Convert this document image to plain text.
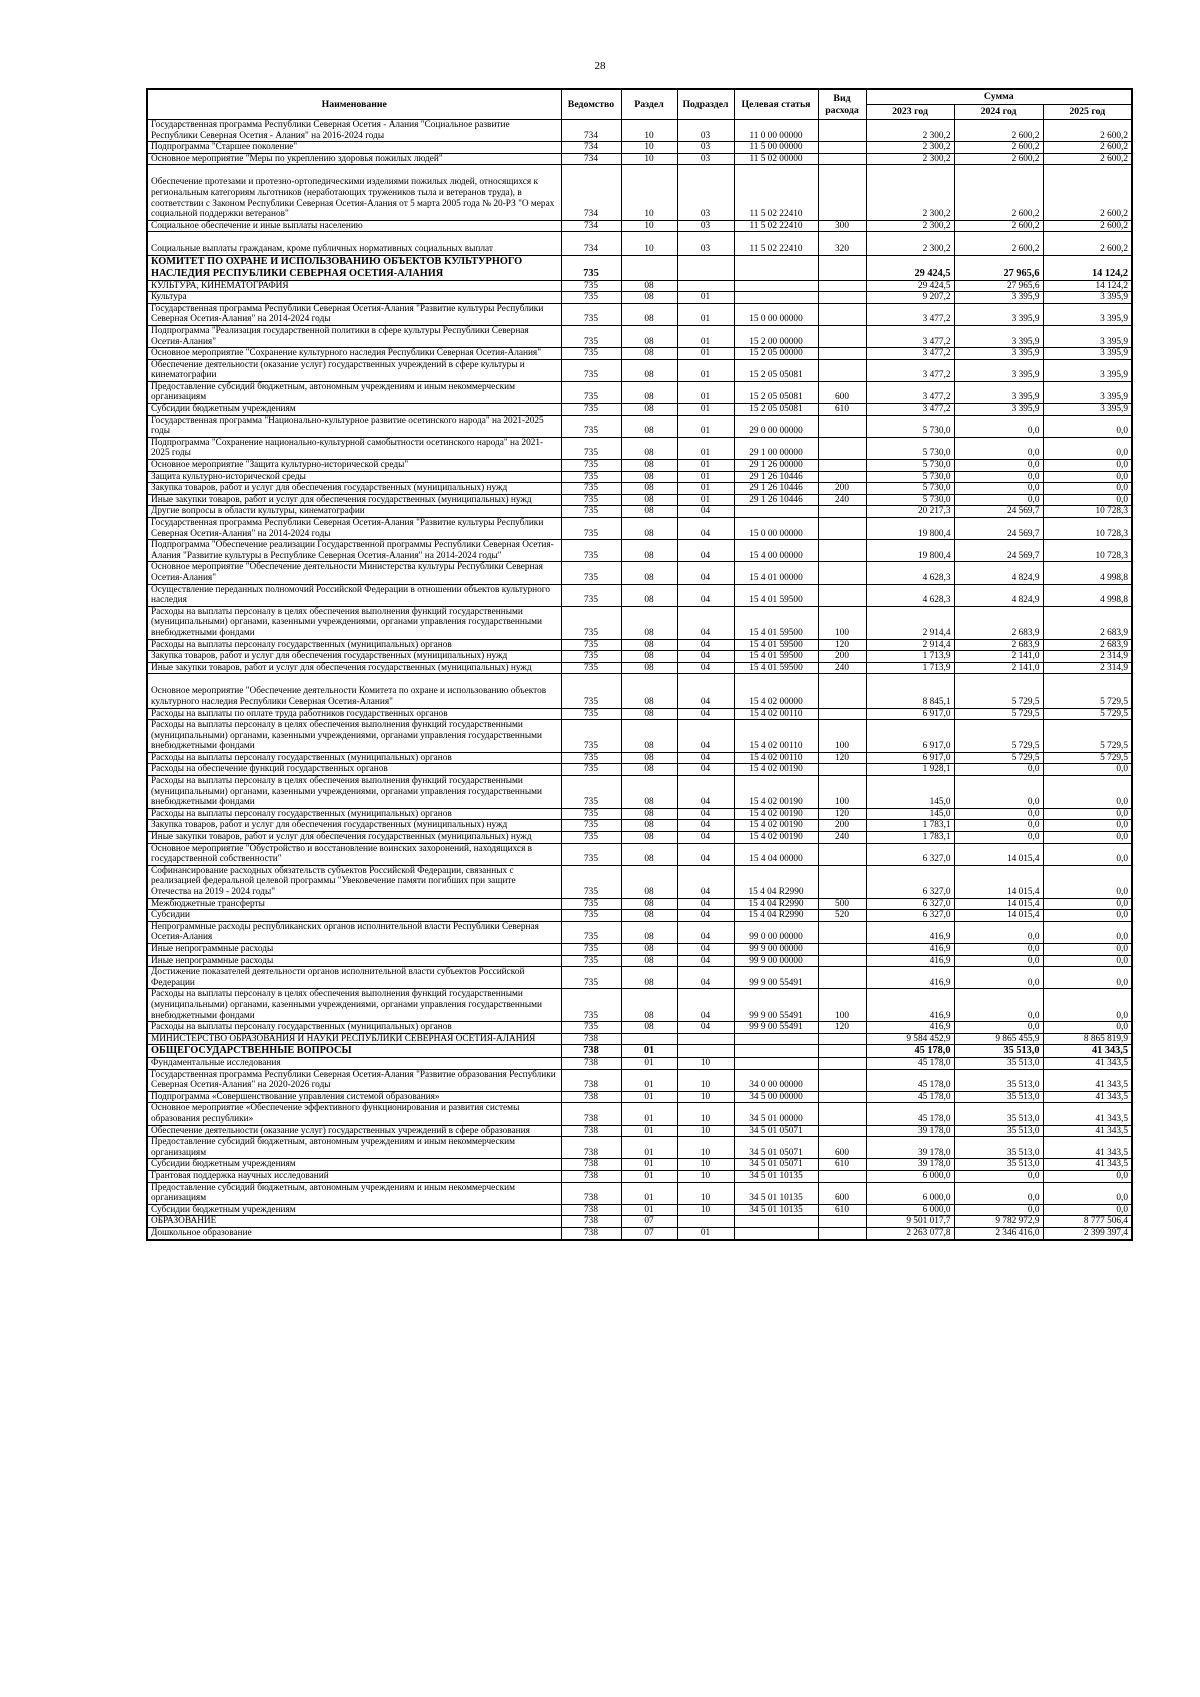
28
Наименование	Ведомство	Раздел	Подраздел	Целевая статья	Вид расхода	Сумма		
						2023 год	2024 год	2025 год
Государственная программа Республики Северная Осетия - Алания "Социальное развитие Республики Северная Осетия - Алания" на 2016-2024 годы	734	10	03	11 0 00 00000		2 300,2	2 600,2	2 600,2
Подпрограмма "Старшее поколение"	734	10	03	11 5 00 00000		2 300,2	2 600,2	2 600,2
Основное мероприятие "Меры по укреплению здоровья пожилых людей"	734	10	03	11 5 02 00000		2 300,2	2 600,2	2 600,2
Обеспечение протезами и протезно-ортопедическими изделиями пожилых людей, относящихся к региональным категориям льготников (неработающих тружеников тыла и ветеранов труда), в соответствии с Законом Республики Северная Осетия-Алания от 5 марта 2005 года № 20-РЗ "О мерах социальной поддержки ветеранов"	734	10	03	11 5 02 22410		2 300,2	2 600,2	2 600,2
Социальное обеспечение и иные выплаты населению	734	10	03	11 5 02 22410	300	2 300,2	2 600,2	2 600,2
Социальные выплаты гражданам, кроме публичных нормативных социальных выплат	734	10	03	11 5 02 22410	320	2 300,2	2 600,2	2 600,2
КОМИТЕТ ПО ОХРАНЕ И ИСПОЛЬЗОВАНИЮ ОБЪЕКТОВ КУЛЬТУРНОГО НАСЛЕДИЯ РЕСПУБЛИКИ СЕВЕРНАЯ ОСЕТИЯ-АЛАНИЯ	735					29 424,5	27 965,6	14 124,2
КУЛЬТУРА, КИНЕМАТОГРАФИЯ	735	08				29 424,5	27 965,6	14 124,2
Культура	735	08	01			9 207,2	3 395,9	3 395,9
Государственная программа Республики Северная Осетия-Алания "Развитие культуры Республики Северная Осетия-Алания" на 2014-2024 годы	735	08	01	15 0 00 00000		3 477,2	3 395,9	3 395,9
Подпрограмма "Реализация государственной политики в сфере культуры Республики Северная Осетия-Алания"	735	08	01	15 2 00 00000		3 477,2	3 395,9	3 395,9
Основное мероприятие "Сохранение культурного наследия Республики Северная Осетия-Алания"	735	08	01	15 2 05 00000		3 477,2	3 395,9	3 395,9
Обеспечение деятельности (оказание услуг) государственных учреждений в сфере культуры и кинематографии	735	08	01	15 2 05 05081		3 477,2	3 395,9	3 395,9
Предоставление субсидий бюджетным, автономным учреждениям и иным некоммерческим организациям	735	08	01	15 2 05 05081	600	3 477,2	3 395,9	3 395,9
Субсидии бюджетным учреждениям	735	08	01	15 2 05 05081	610	3 477,2	3 395,9	3 395,9
Государственная программа "Национально-культурное развитие осетинского народа" на 2021-2025 годы	735	08	01	29 0 00 00000		5 730,0	0,0	0,0
Подпрограмма "Сохранение национально-культурной самобытности осетинского народа" на 2021-2025 годы	735	08	01	29 1 00 00000		5 730,0	0,0	0,0
Основное мероприятие "Защита культурно-исторической среды"	735	08	01	29 1 26 00000		5 730,0	0,0	0,0
Защита культурно-исторической среды	735	08	01	29 1 26 10446		5 730,0	0,0	0,0
Закупка товаров, работ и услуг для обеспечения государственных (муниципальных) нужд	735	08	01	29 1 26 10446	200	5 730,0	0,0	0,0
Иные закупки товаров, работ и услуг для обеспечения государственных (муниципальных) нужд	735	08	01	29 1 26 10446	240	5 730,0	0,0	0,0
Другие вопросы в области культуры, кинематографии	735	08	04			20 217,3	24 569,7	10 728,3
Государственная программа Республики Северная Осетия-Алания "Развитие культуры Республики Северная Осетия-Алания" на 2014-2024 годы	735	08	04	15 0 00 00000		19 800,4	24 569,7	10 728,3
Подпрограмма "Обеспечение реализации Государственной программы Республики Северная Осетия-Алания "Развитие культуры в Республике Северная Осетия-Алания" на 2014-2024 годы"	735	08	04	15 4 00 00000		19 800,4	24 569,7	10 728,3
Основное мероприятие "Обеспечение деятельности Министерства культуры Республики Северная Осетия-Алания"	735	08	04	15 4 01 00000		4 628,3	4 824,9	4 998,8
Осуществление переданных полномочий Российской Федерации в отношении объектов культурного наследия	735	08	04	15 4 01 59500		4 628,3	4 824,9	4 998,8
Расходы на выплаты персоналу в целях обеспечения выполнения функций государственными (муниципальными) органами, казенными учреждениями, органами управления государственными внебюджетными фондами	735	08	04	15 4 01 59500	100	2 914,4	2 683,9	2 683,9
Расходы на выплаты персоналу государственных (муниципальных) органов	735	08	04	15 4 01 59500	120	2 914,4	2 683,9	2 683,9
Закупка товаров, работ и услуг для обеспечения государственных (муниципальных) нужд	735	08	04	15 4 01 59500	200	1 713,9	2 141,0	2 314,9
Иные закупки товаров, работ и услуг для обеспечения государственных (муниципальных) нужд	735	08	04	15 4 01 59500	240	1 713,9	2 141,0	2 314,9
Основное мероприятие "Обеспечение деятельности Комитета по охране и использованию объектов культурного наследия Республики Северная Осетия-Алания"	735	08	04	15 4 02 00000		8 845,1	5 729,5	5 729,5
Расходы на выплаты по оплате труда работников государственных органов	735	08	04	15 4 02 00110		6 917,0	5 729,5	5 729,5
Расходы на выплаты персоналу в целях обеспечения выполнения функций государственными (муниципальными) органами, казенными учреждениями, органами управления государственными внебюджетными фондами	735	08	04	15 4 02 00110	100	6 917,0	5 729,5	5 729,5
Расходы на выплаты персоналу государственных (муниципальных) органов	735	08	04	15 4 02 00110	120	6 917,0	5 729,5	5 729,5
Расходы на обеспечение функций государственных органов	735	08	04	15 4 02 00190		1 928,1	0,0	0,0
Расходы на выплаты персоналу в целях обеспечения выполнения функций государственными (муниципальными) органами, казенными учреждениями, органами управления государственными внебюджетными фондами	735	08	04	15 4 02 00190	100	145,0	0,0	0,0
Расходы на выплаты персоналу государственных (муниципальных) органов	735	08	04	15 4 02 00190	120	145,0	0,0	0,0
Закупка товаров, работ и услуг для обеспечения государственных (муниципальных) нужд	735	08	04	15 4 02 00190	200	1 783,1	0,0	0,0
Иные закупки товаров, работ и услуг для обеспечения государственных (муниципальных) нужд	735	08	04	15 4 02 00190	240	1 783,1	0,0	0,0
Основное мероприятие "Обустройство и восстановление воинских захоронений, находящихся в государственной собственности"	735	08	04	15 4 04 00000		6 327,0	14 015,4	0,0
Софинансирование расходных обязательств субъектов Российской Федерации, связанных с реализацией федеральной целевой программы "Увековечение памяти погибших при защите Отечества на 2019 - 2024 годы"	735	08	04	15 4 04 R2990		6 327,0	14 015,4	0,0
Межбюджетные трансферты	735	08	04	15 4 04 R2990	500	6 327,0	14 015,4	0,0
Субсидии	735	08	04	15 4 04 R2990	520	6 327,0	14 015,4	0,0
Непрограммные расходы республиканских органов исполнительной власти Республики Северная Осетия-Алания	735	08	04	99 0 00 00000		416,9	0,0	0,0
Иные непрограммные расходы	735	08	04	99 9 00 00000		416,9	0,0	0,0
Иные непрограммные расходы	735	08	04	99 9 00 00000		416,9	0,0	0,0
Достижение показателей деятельности органов исполнительной власти субъектов Российской Федерации	735	08	04	99 9 00 55491		416,9	0,0	0,0
Расходы на выплаты персоналу в целях обеспечения выполнения функций государственными (муниципальными) органами, казенными учреждениями, органами управления государственными внебюджетными фондами	735	08	04	99 9 00 55491	100	416,9	0,0	0,0
Расходы на выплаты персоналу государственных (муниципальных) органов	735	08	04	99 9 00 55491	120	416,9	0,0	0,0
МИНИСТЕРСТВО ОБРАЗОВАНИЯ И НАУКИ РЕСПУБЛИКИ СЕВЕРНАЯ ОСЕТИЯ-АЛАНИЯ	738					9 584 452,9	9 865 455,9	8 865 819,9
ОБЩЕГОСУДАРСТВЕННЫЕ ВОПРОСЫ	738	01				45 178,0	35 513,0	41 343,5
Фундаментальные исследования	738	01	10			45 178,0	35 513,0	41 343,5
Государственная программа Республики Северная Осетия-Алания "Развитие образования Республики Северная Осетия-Алания" на 2020-2026 годы	738	01	10	34 0 00 00000		45 178,0	35 513,0	41 343,5
Подпрограмма «Совершенствование управления системой образования»	738	01	10	34 5 00 00000		45 178,0	35 513,0	41 343,5
Основное мероприятие «Обеспечение эффективного функционирования и развития системы образования республики»	738	01	10	34 5 01 00000		45 178,0	35 513,0	41 343,5
Обеспечение деятельности (оказание услуг) государственных учреждений в сфере образования	738	01	10	34 5 01 05071		39 178,0	35 513,0	41 343,5
Предоставление субсидий бюджетным, автономным учреждениям и иным некоммерческим организациям	738	01	10	34 5 01 05071	600	39 178,0	35 513,0	41 343,5
Субсидии бюджетным учреждениям	738	01	10	34 5 01 05071	610	39 178,0	35 513,0	41 343,5
Грантовая поддержка научных исследований	738	01	10	34 5 01 10135		6 000,0	0,0	0,0
Предоставление субсидий бюджетным, автономным учреждениям и иным некоммерческим организациям	738	01	10	34 5 01 10135	600	6 000,0	0,0	0,0
Субсидии бюджетным учреждениям	738	01	10	34 5 01 10135	610	6 000,0	0,0	0,0
ОБРАЗОВАНИЕ	738	07				9 501 017,7	9 782 972,9	8 777 506,4
Дошкольное образование	738	07	01			2 263 077,8	2 346 416,0	2 399 397,4
